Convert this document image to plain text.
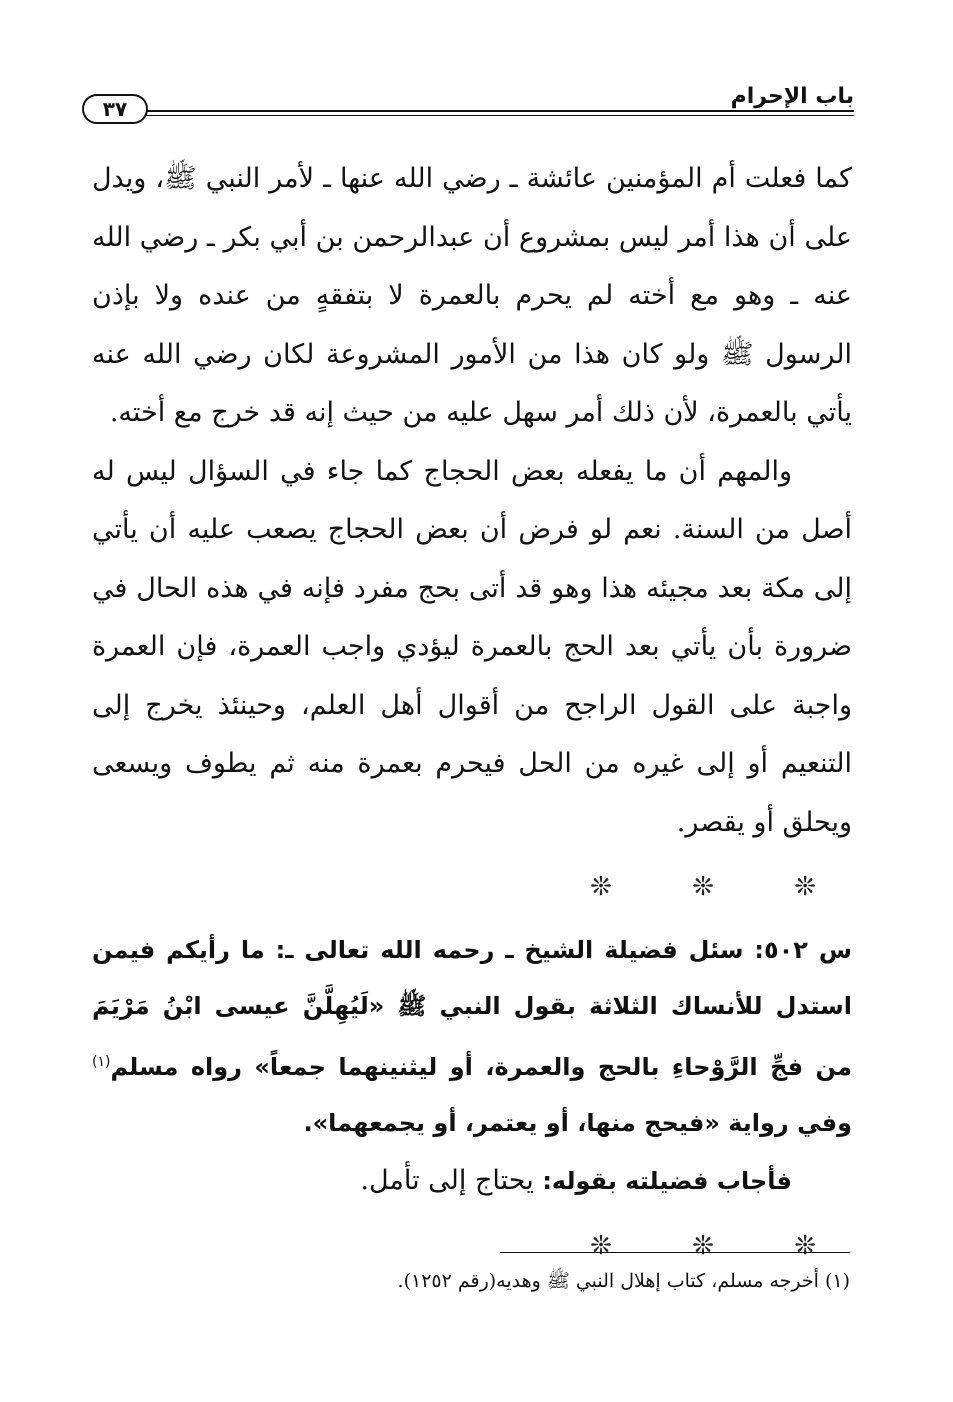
باب الإحرام
٣٧

كما فعلت أم المؤمنين عائشة ـ رضي الله عنها ـ لأمر النبي ﷺ، ويدل على أن هذا أمر ليس بمشروع أن عبدالرحمن بن أبي بكر ـ رضي الله عنه ـ وهو مع أخته لم يحرم بالعمرة لا بتفقهٍ من عنده ولا بإذن الرسول ﷺ ولو كان هذا من الأمور المشروعة لكان رضي الله عنه يأتي بالعمرة، لأن ذلك أمر سهل عليه من حيث إنه قد خرج مع أخته.

والمهم أن ما يفعله بعض الحجاج كما جاء في السؤال ليس له أصل من السنة. نعم لو فرض أن بعض الحجاج يصعب عليه أن يأتي إلى مكة بعد مجيئه هذا وهو قد أتى بحج مفرد فإنه في هذه الحال في ضرورة بأن يأتي بعد الحج بالعمرة ليؤدي واجب العمرة، فإن العمرة واجبة على القول الراجح من أقوال أهل العلم، وحينئذ يخرج إلى التنعيم أو إلى غيره من الحل فيحرم بعمرة منه ثم يطوف ويسعى ويحلق أو يقصر.

❊ ❊ ❊

س ٥٠٢: سئل فضيلة الشيخ ـ رحمه الله تعالى ـ: ما رأيكم فيمن استدل للأنساك الثلاثة بقول النبي ﷺ «لَيُهِلَّنَّ عيسى ابْنُ مَرْيَمَ من فجِّ الرَّوْحاءِ بالحج والعمرة، أو ليثنينهما جمعاً» رواه مسلم$^{(١)}$ وفي رواية «فيحج منها، أو يعتمر، أو يجمعهما».

فأجاب فضيلته بقوله: يحتاج إلى تأمل.

❊ ❊ ❊
(١) أخرجه مسلم، كتاب إهلال النبي ﷺ وهديه(رقم ١٢٥٢).
